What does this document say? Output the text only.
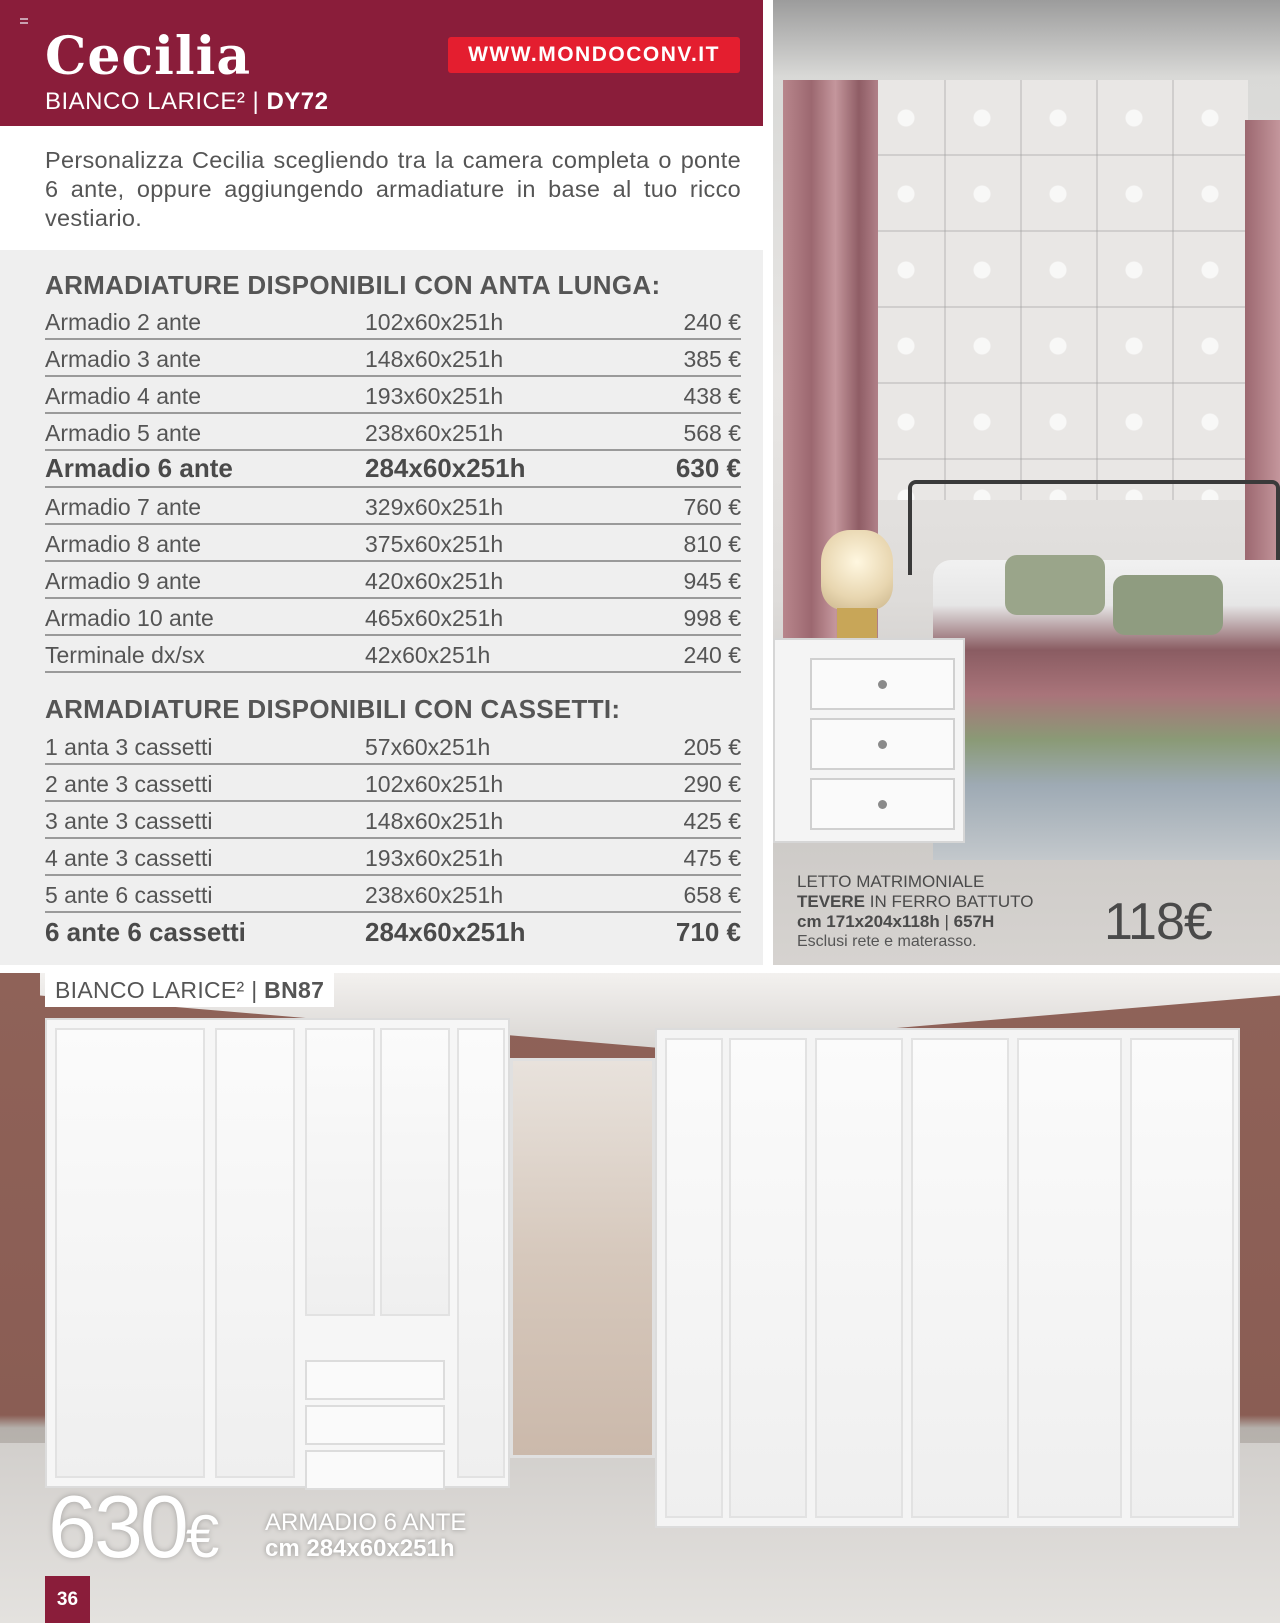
Cecilia
BIANCO LARICE² | DY72
WWW.MONDOCONV.IT

Personalizza Cecilia scegliendo tra la camera completa o ponte 6 ante, oppure aggiungendo armadiature in base al tuo ricco vestiario.

ARMADIATURE DISPONIBILI CON ANTA LUNGA:
Armadio 2 ante	102x60x251h	240 €
Armadio 3 ante	148x60x251h	385 €
Armadio 4 ante	193x60x251h	438 €
Armadio 5 ante	238x60x251h	568 €
Armadio 6 ante	284x60x251h	630 €
Armadio 7 ante	329x60x251h	760 €
Armadio 8 ante	375x60x251h	810 €
Armadio 9 ante	420x60x251h	945 €
Armadio 10 ante	465x60x251h	998 €
Terminale dx/sx	42x60x251h	240 €
ARMADIATURE DISPONIBILI CON CASSETTI:
1 anta 3 cassetti	57x60x251h	205 €
2 ante 3 cassetti	102x60x251h	290 €
3 ante 3 cassetti	148x60x251h	425 €
4 ante 3 cassetti	193x60x251h	475 €
5 ante 6 cassetti	238x60x251h	658 €
6 ante 6 cassetti	284x60x251h	710 €
LETTO MATRIMONIALE
TEVERE IN FERRO BATTUTO
cm 171x204x118h | 657H
Esclusi rete e materasso.	118€
BIANCO LARICE² | BN87
630€ ARMADIO 6 ANTE
cm 284x60x251h
36
